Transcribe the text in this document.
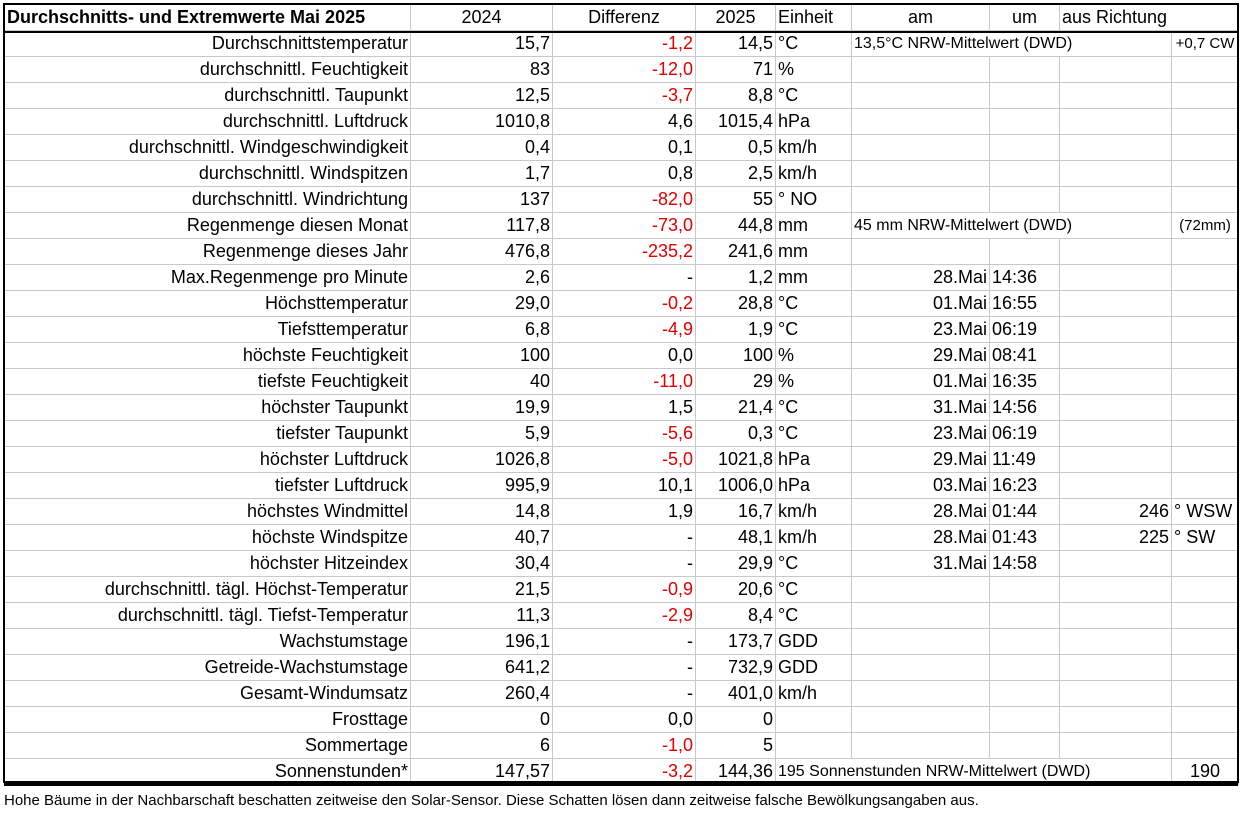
Durchschnitts- und Extremwerte Mai 2025	2024	Differenz	2025	Einheit	am	um	aus Richtung	
Durchschnittstemperatur	15,7	-1,2	14,5	°C	13,5°C NRW-Mittelwert (DWD)			+0,7 CW
durchschnittl. Feuchtigkeit	83	-12,0	71	%				
durchschnittl. Taupunkt	12,5	-3,7	8,8	°C				
durchschnittl. Luftdruck	1010,8	4,6	1015,4	hPa				
durchschnittl. Windgeschwindigkeit	0,4	0,1	0,5	km/h				
durchschnittl. Windspitzen	1,7	0,8	2,5	km/h				
durchschnittl. Windrichtung	137	-82,0	55	° NO				
Regenmenge diesen Monat	117,8	-73,0	44,8	mm	45 mm NRW-Mittelwert (DWD)			(72mm)
Regenmenge dieses Jahr	476,8	-235,2	241,6	mm				
Max.Regenmenge pro Minute	2,6	-	1,2	mm	28.Mai	14:36		
Höchsttemperatur	29,0	-0,2	28,8	°C	01.Mai	16:55		
Tiefsttemperatur	6,8	-4,9	1,9	°C	23.Mai	06:19		
höchste Feuchtigkeit	100	0,0	100	%	29.Mai	08:41		
tiefste Feuchtigkeit	40	-11,0	29	%	01.Mai	16:35		
höchster Taupunkt	19,9	1,5	21,4	°C	31.Mai	14:56		
tiefster Taupunkt	5,9	-5,6	0,3	°C	23.Mai	06:19		
höchster Luftdruck	1026,8	-5,0	1021,8	hPa	29.Mai	11:49		
tiefster Luftdruck	995,9	10,1	1006,0	hPa	03.Mai	16:23		
höchstes Windmittel	14,8	1,9	16,7	km/h	28.Mai	01:44	246	° WSW
höchste Windspitze	40,7	-	48,1	km/h	28.Mai	01:43	225	° SW
höchster Hitzeindex	30,4	-	29,9	°C	31.Mai	14:58		
durchschnittl. tägl. Höchst-Temperatur	21,5	-0,9	20,6	°C				
durchschnittl. tägl. Tiefst-Temperatur	11,3	-2,9	8,4	°C				
Wachstumstage	196,1	-	173,7	GDD				
Getreide-Wachstumstage	641,2	-	732,9	GDD				
Gesamt-Windumsatz	260,4	-	401,0	km/h				
Frosttage	0	0,0	0					
Sommertage	6	-1,0	5					
Sonnenstunden*	147,57	-3,2	144,36	195 Sonnenstunden NRW-Mittelwert (DWD)				190
Hohe Bäume in der Nachbarschaft beschatten zeitweise den Solar-Sensor. Diese Schatten lösen dann zeitweise falsche Bewölkungsangaben aus.
